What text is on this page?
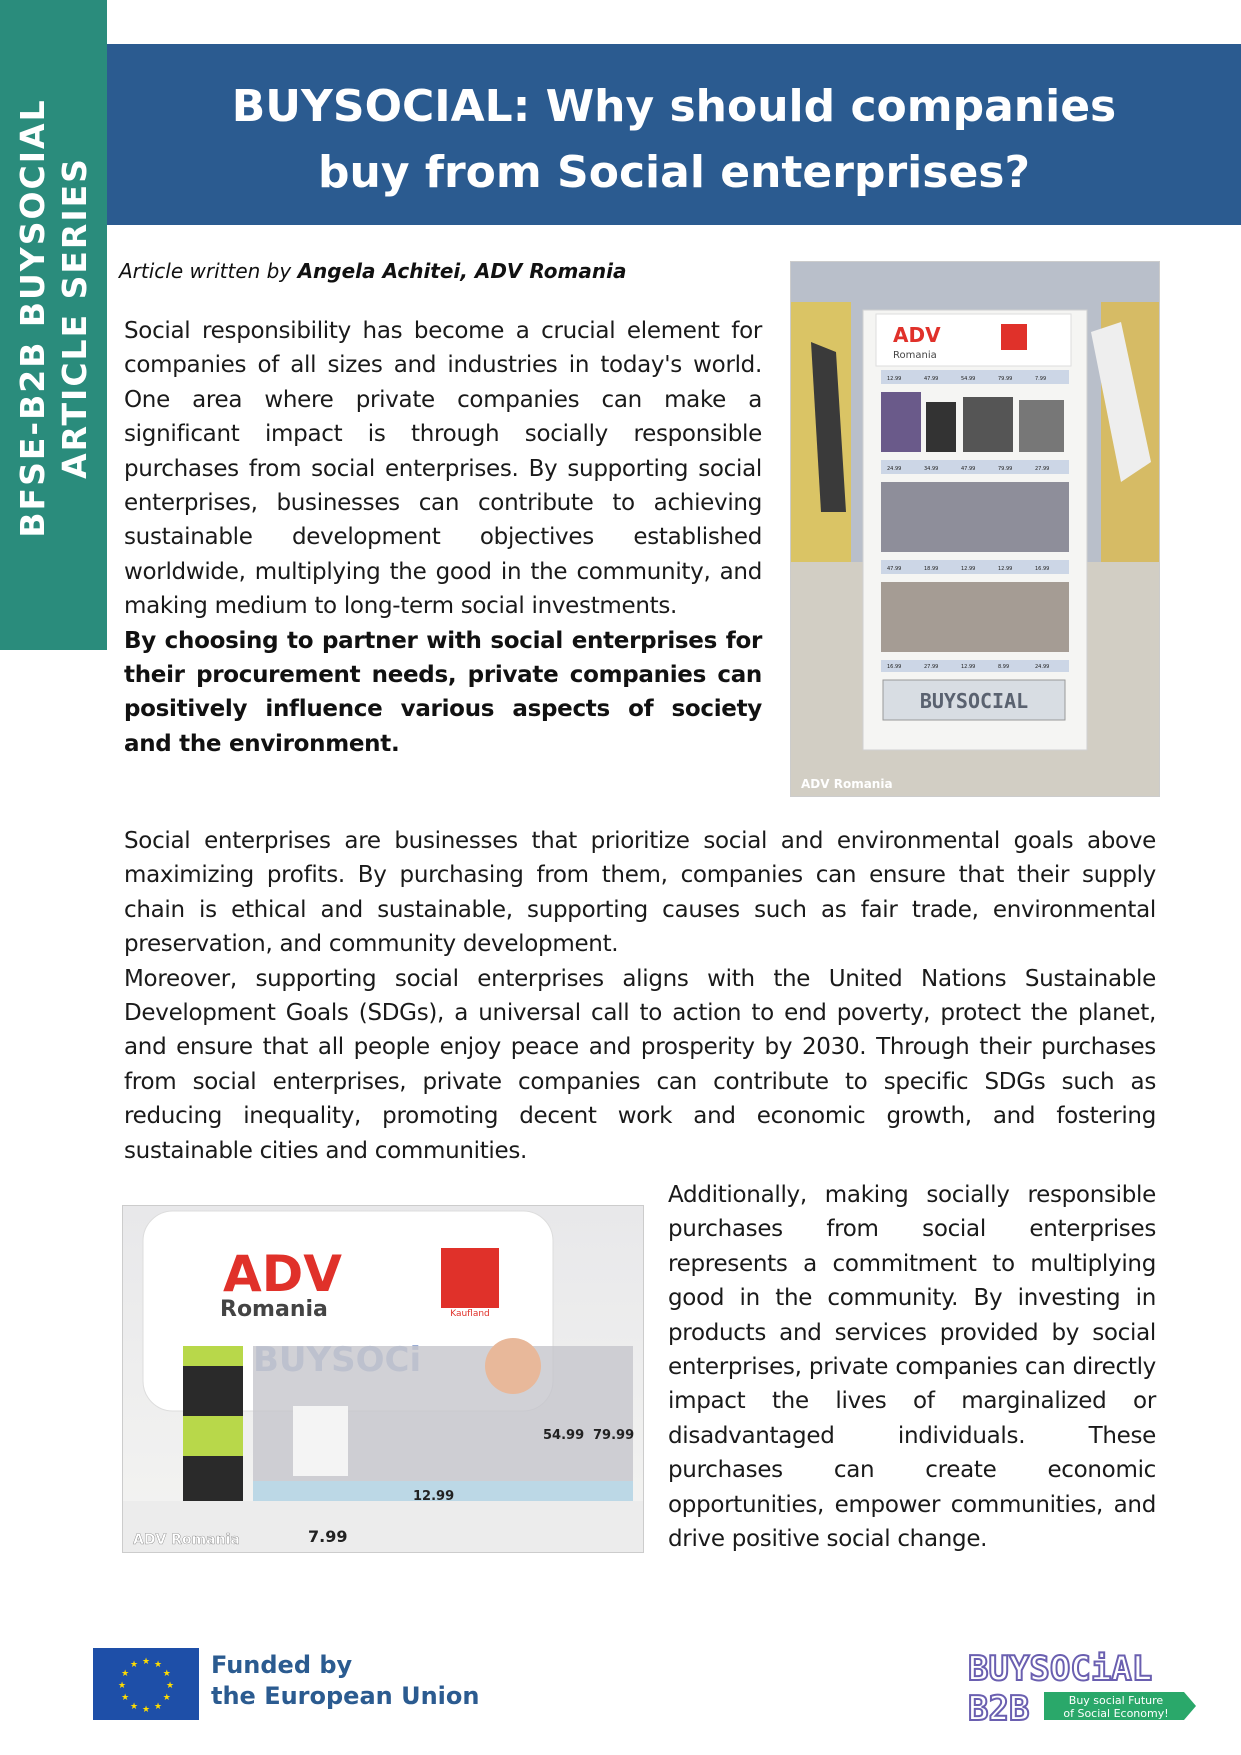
BFSE-B2B BUYSOCIAL ARTICLE SERIES
BUYSOCIAL: Why should companies
buy from Social enterprises?
Article written by Angela Achitei, ADV Romania
Social responsibility has become a crucial element for companies of all sizes and industries in today's world. One area where private companies can make a significant impact is through socially responsible purchases from social enterprises. By supporting social enterprises, businesses can contribute to achieving sustainable development objectives established worldwide, multiplying the good in the community, and making medium to long-term social investments.
By choosing to partner with social enterprises for their procurement needs, private companies can positively influence various aspects of society and the environment.
ADV
Romania
12.99	47.99	54.99	79.99	7.99
24.99	34.99	47.99	79.99	27.99
47.99	18.99	12.99	12.99	16.99
16.99	27.99	12.99	8.99	24.99
BUYSOCIAL
ADV Romania
Social enterprises are businesses that prioritize social and environmental goals above maximizing profits. By purchasing from them, companies can ensure that their supply chain is ethical and sustainable, supporting causes such as fair trade, environmental preservation, and community development.
Moreover, supporting social enterprises aligns with the United Nations Sustainable Development Goals (SDGs), a universal call to action to end poverty, protect the planet, and ensure that all people enjoy peace and prosperity by 2030. Through their purchases from social enterprises, private companies can contribute to specific SDGs such as reducing inequality, promoting decent work and economic growth, and fostering sustainable cities and communities.
ADV
Romania	Kaufland
54.99 79.99
12.99
7.99
ADV Romania
Additionally, making socially responsible purchases from social enterprises represents a commitment to multiplying good in the community. By investing in products and services provided by social enterprises, private companies can directly impact the lives of marginalized or disadvantaged individuals. These purchases can create economic opportunities, empower communities, and drive positive social change.
★
★
★
★
★
★
★
★
★ ★ ★
★ Funded by
the European Union
BUYSOCiAL
B2B	Buy social Future
of Social Economy!
